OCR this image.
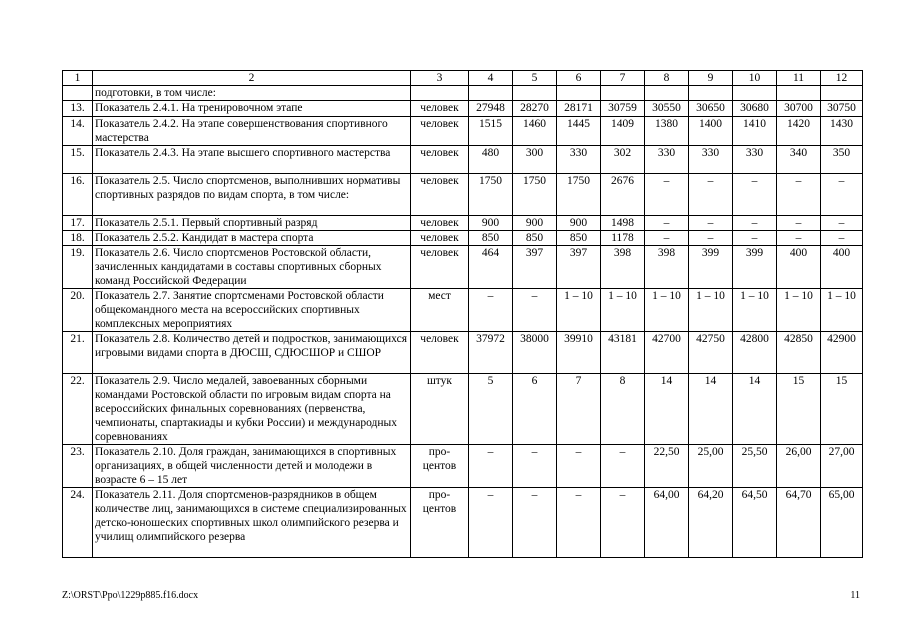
1	2	3	4	5	6	7	8	9	10	11	12
	подготовки, в том числе:										
13.	Показатель 2.4.1. На тренировочном этапе	человек	27948	28270	28171	30759	30550	30650	30680	30700	30750
14.	Показатель 2.4.2. На этапе совершенствования спортивного мастерства	человек	1515	1460	1445	1409	1380	1400	1410	1420	1430
15.	Показатель 2.4.3. На этапе высшего спортивного мастерства	человек	480	300	330	302	330	330	330	340	350
16.	Показатель 2.5. Число спортсменов, выполнивших нормативы спортивных разрядов по видам спорта, в том числе:	человек	1750	1750	1750	2676	–	–	–	–	–
17.	Показатель 2.5.1. Первый спортивный разряд	человек	900	900	900	1498	–	–	–	–	–
18.	Показатель 2.5.2. Кандидат в мастера спорта	человек	850	850	850	1178	–	–	–	–	–
19.	Показатель 2.6. Число спортсменов Ростовской области, зачисленных кандидатами в составы спортивных сборных команд Российской Федерации	человек	464	397	397	398	398	399	399	400	400
20.	Показатель 2.7. Занятие спортсменами Ростовской области общекомандного места на всероссийских спортивных комплексных мероприятиях	мест	–	–	1 – 10	1 – 10	1 – 10	1 – 10	1 – 10	1 – 10	1 – 10
21.	Показатель 2.8. Количество детей и подростков, занимающихся игровыми видами спорта в ДЮСШ, СДЮСШОР и СШОР	человек	37972	38000	39910	43181	42700	42750	42800	42850	42900
22.	Показатель 2.9. Число медалей, завоеванных сборными командами Ростовской области по игровым видам спорта на всероссийских финальных соревнованиях (первенства, чемпионаты, спартакиады и кубки России) и международных соревнованиях	штук	5	6	7	8	14	14	14	15	15
23.	Показатель 2.10. Доля граждан, занимающихся в спортивных организациях, в общей численности детей и молодежи в возрасте 6 – 15 лет	про-центов	–	–	–	–	22,50	25,00	25,50	26,00	27,00
24.	Показатель 2.11. Доля спортсменов-разрядников в общем количестве лиц, занимающихся в системе специализированных детско-юношеских спортивных школ олимпийского резерва и училищ олимпийского резерва	про-центов	–	–	–	–	64,00	64,20	64,50	64,70	65,00
Z:\ORST\Ppo\1229p885.f16.docx	11
